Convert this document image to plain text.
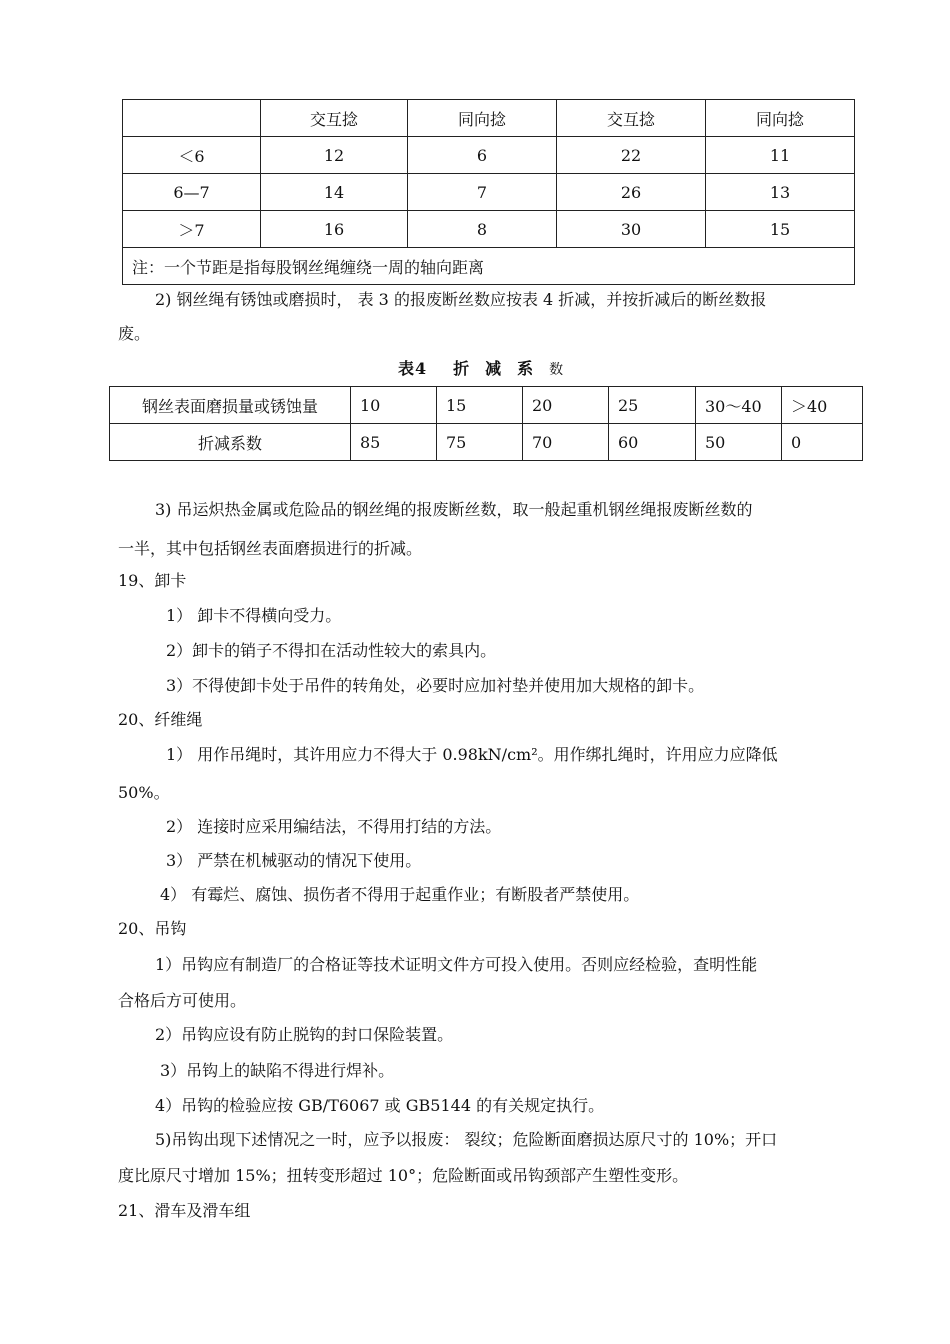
	交互捻	同向捻	交互捻	同向捻
＜6	12	6	22	11
6—7	14	7	26	13
＞7	16	8	30	15
注：一个节距是指每股钢丝绳缠绕一周的轴向距离				
2) 钢丝绳有锈蚀或磨损时， 表 3 的报废断丝数应按表 4 折减，并按折减后的断丝数报
废。
表4 折减系数
钢丝表面磨损量或锈蚀量	10	15	20	25	30～40	＞40
折减系数	85	75	70	60	50	0
3) 吊运炽热金属或危险品的钢丝绳的报废断丝数，取一般起重机钢丝绳报废断丝数的
一半，其中包括钢丝表面磨损进行的折减。
19、卸卡
1） 卸卡不得横向受力。
2）卸卡的销子不得扣在活动性较大的索具内。
3）不得使卸卡处于吊件的转角处，必要时应加衬垫并使用加大规格的卸卡。
20、纤维绳
1） 用作吊绳时，其许用应力不得大于 0.98kN/cm²。用作绑扎绳时，许用应力应降低
50%。
2） 连接时应采用编结法，不得用打结的方法。
3） 严禁在机械驱动的情况下使用。
4） 有霉烂、腐蚀、损伤者不得用于起重作业；有断股者严禁使用。
20、吊钩
1）吊钩应有制造厂的合格证等技术证明文件方可投入使用。否则应经检验，查明性能
合格后方可使用。
2）吊钩应设有防止脱钩的封口保险装置。
3）吊钩上的缺陷不得进行焊补。
4）吊钩的检验应按 GB/T6067 或 GB5144 的有关规定执行。
5)吊钩出现下述情况之一时，应予以报废： 裂纹；危险断面磨损达原尺寸的 10%；开口
度比原尺寸增加 15%；扭转变形超过 10°；危险断面或吊钩颈部产生塑性变形。
21、滑车及滑车组
